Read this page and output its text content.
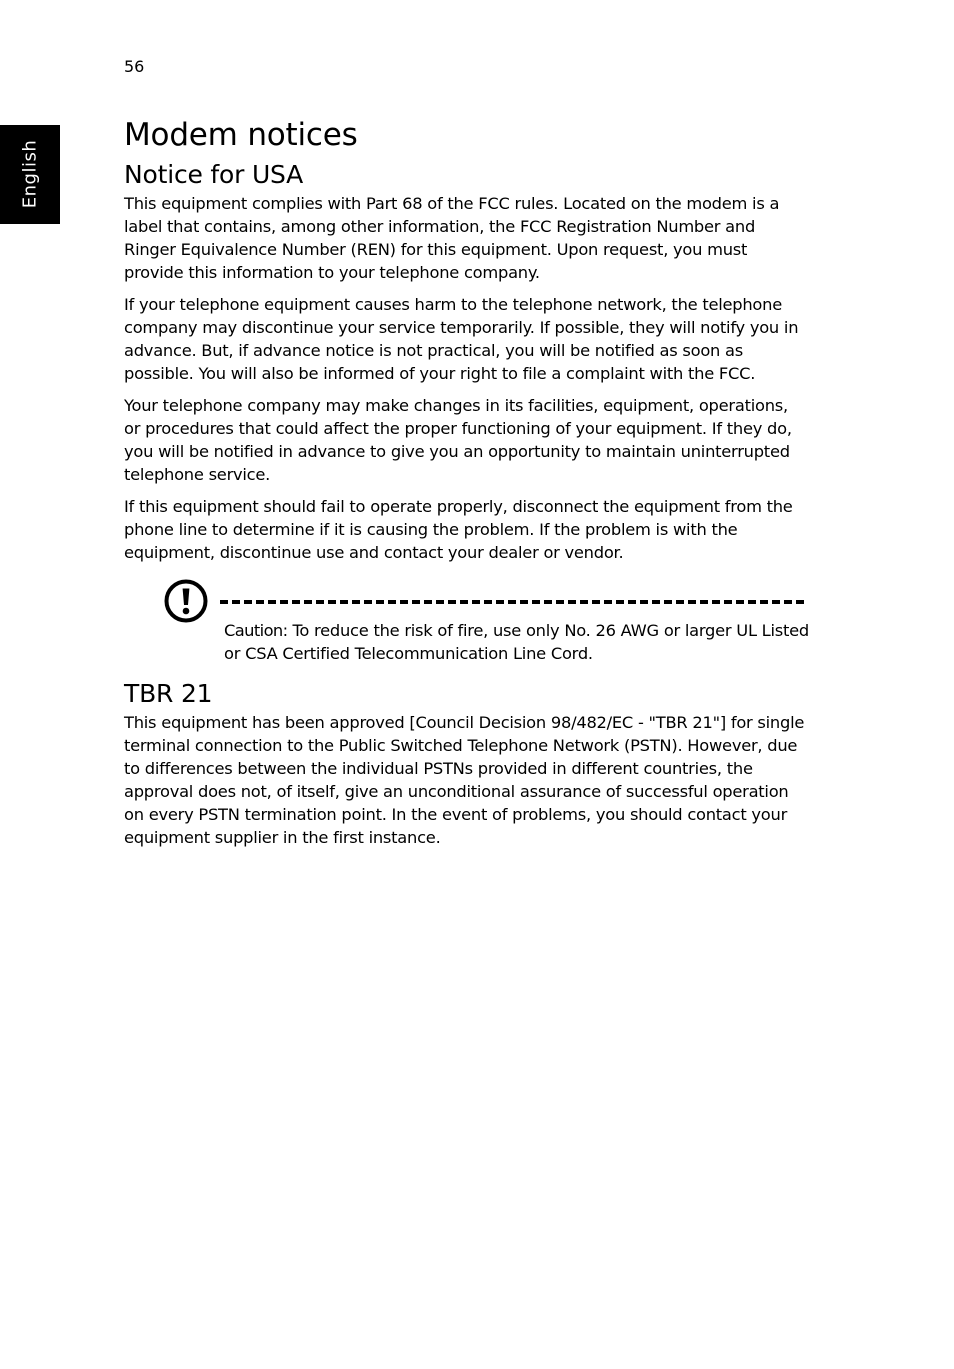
56
English
Modem notices
Notice for USA

This equipment complies with Part 68 of the FCC rules. Located on the modem is a label that contains, among other information, the FCC Registration Number and Ringer Equivalence Number (REN) for this equipment. Upon request, you must provide this information to your telephone company.

If your telephone equipment causes harm to the telephone network, the telephone company may discontinue your service temporarily. If possible, they will notify you in advance. But, if advance notice is not practical, you will be notified as soon as possible. You will also be informed of your right to file a complaint with the FCC.

Your telephone company may make changes in its facilities, equipment, operations, or procedures that could affect the proper functioning of your equipment. If they do, you will be notified in advance to give you an opportunity to maintain uninterrupted telephone service.

If this equipment should fail to operate properly, disconnect the equipment from the phone line to determine if it is causing the problem. If the problem is with the equipment, discontinue use and contact your dealer or vendor.

Caution: To reduce the risk of fire, use only No. 26 AWG or larger UL Listed or CSA Certified Telecommunication Line Cord.

TBR 21

This equipment has been approved [Council Decision 98/482/EC - "TBR 21"] for single terminal connection to the Public Switched Telephone Network (PSTN). However, due to differences between the individual PSTNs provided in different countries, the approval does not, of itself, give an unconditional assurance of successful operation on every PSTN termination point. In the event of problems, you should contact your equipment supplier in the first instance.
